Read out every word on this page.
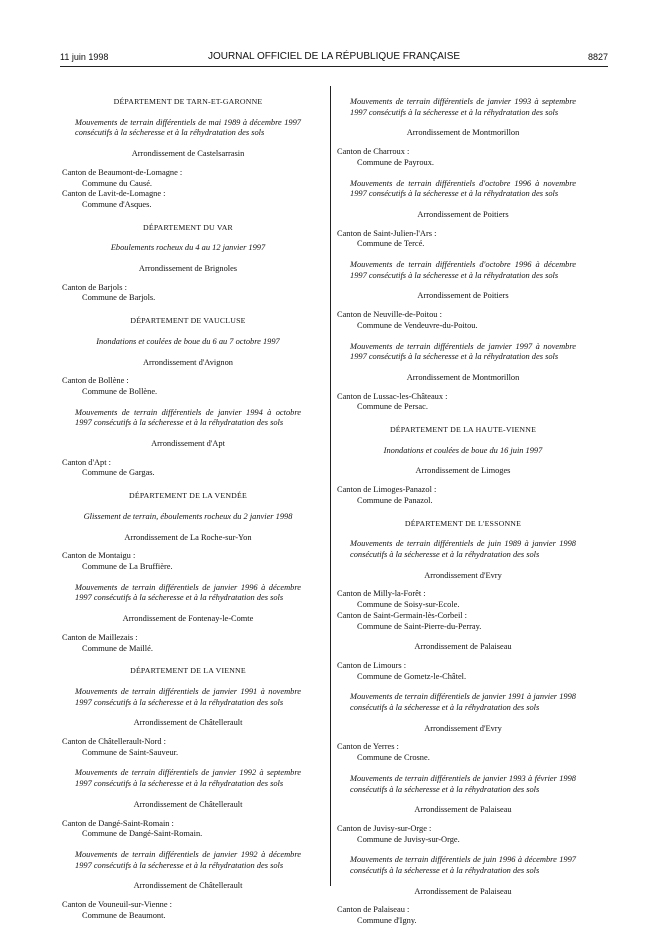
11 juin 1998	JOURNAL OFFICIEL DE LA RÉPUBLIQUE FRANÇAISE	8827
DÉPARTEMENT DE TARN-ET-GARONNE
Mouvements de terrain différentiels de mai 1989 à décembre 1997 consécutifs à la sécheresse et à la réhydratation des sols
Arrondissement de Castelsarrasin
Canton de Beaumont-de-Lomagne :
Commune du Causé.
Canton de Lavit-de-Lomagne :
Commune d'Asques.
DÉPARTEMENT DU VAR
Eboulements rocheux du 4 au 12 janvier 1997
Arrondissement de Brignoles
Canton de Barjols :
Commune de Barjols.
DÉPARTEMENT DE VAUCLUSE
Inondations et coulées de boue du 6 au 7 octobre 1997
Arrondissement d'Avignon
Canton de Bollène :
Commune de Bollène.
Mouvements de terrain différentiels de janvier 1994 à octobre 1997 consécutifs à la sécheresse et à la réhydratation des sols
Arrondissement d'Apt
Canton d'Apt :
Commune de Gargas.
DÉPARTEMENT DE LA VENDÉE
Glissement de terrain, éboulements rocheux du 2 janvier 1998
Arrondissement de La Roche-sur-Yon
Canton de Montaigu :
Commune de La Bruffière.
Mouvements de terrain différentiels de janvier 1996 à décembre 1997 consécutifs à la sécheresse et à la réhydratation des sols
Arrondissement de Fontenay-le-Comte
Canton de Maillezais :
Commune de Maillé.
DÉPARTEMENT DE LA VIENNE
Mouvements de terrain différentiels de janvier 1991 à novembre 1997 consécutifs à la sécheresse et à la réhydratation des sols
Arrondissement de Châtellerault
Canton de Châtellerault-Nord :
Commune de Saint-Sauveur.
Mouvements de terrain différentiels de janvier 1992 à septembre 1997 consécutifs à la sécheresse et à la réhydratation des sols
Arrondissement de Châtellerault
Canton de Dangé-Saint-Romain :
Commune de Dangé-Saint-Romain.
Mouvements de terrain différentiels de janvier 1992 à décembre 1997 consécutifs à la sécheresse et à la réhydratation des sols
Arrondissement de Châtellerault
Canton de Vouneuil-sur-Vienne :
Commune de Beaumont.
Mouvements de terrain différentiels de janvier 1993 à septembre 1997 consécutifs à la sécheresse et à la réhydratation des sols
Arrondissement de Montmorillon
Canton de Charroux :
Commune de Payroux.
Mouvements de terrain différentiels d'octobre 1996 à novembre 1997 consécutifs à la sécheresse et à la réhydratation des sols
Arrondissement de Poitiers
Canton de Saint-Julien-l'Ars :
Commune de Tercé.
Mouvements de terrain différentiels d'octobre 1996 à décembre 1997 consécutifs à la sécheresse et à la réhydratation des sols
Arrondissement de Poitiers
Canton de Neuville-de-Poitou :
Commune de Vendeuvre-du-Poitou.
Mouvements de terrain différentiels de janvier 1997 à novembre 1997 consécutifs à la sécheresse et à la réhydratation des sols
Arrondissement de Montmorillon
Canton de Lussac-les-Châteaux :
Commune de Persac.
DÉPARTEMENT DE LA HAUTE-VIENNE
Inondations et coulées de boue du 16 juin 1997
Arrondissement de Limoges
Canton de Limoges-Panazol :
Commune de Panazol.
DÉPARTEMENT DE L'ESSONNE
Mouvements de terrain différentiels de juin 1989 à janvier 1998 consécutifs à la sécheresse et à la réhydratation des sols
Arrondissement d'Evry
Canton de Milly-la-Forêt :
Commune de Soisy-sur-Ecole.
Canton de Saint-Germain-lès-Corbeil :
Commune de Saint-Pierre-du-Perray.
Arrondissement de Palaiseau
Canton de Limours :
Commune de Gometz-le-Châtel.
Mouvements de terrain différentiels de janvier 1991 à janvier 1998 consécutifs à la sécheresse et à la réhydratation des sols
Arrondissement d'Evry
Canton de Yerres :
Commune de Crosne.
Mouvements de terrain différentiels de janvier 1993 à février 1998 consécutifs à la sécheresse et à la réhydratation des sols
Arrondissement de Palaiseau
Canton de Juvisy-sur-Orge :
Commune de Juvisy-sur-Orge.
Mouvements de terrain différentiels de juin 1996 à décembre 1997 consécutifs à la sécheresse et à la réhydratation des sols
Arrondissement de Palaiseau
Canton de Palaiseau :
Commune d'Igny.
